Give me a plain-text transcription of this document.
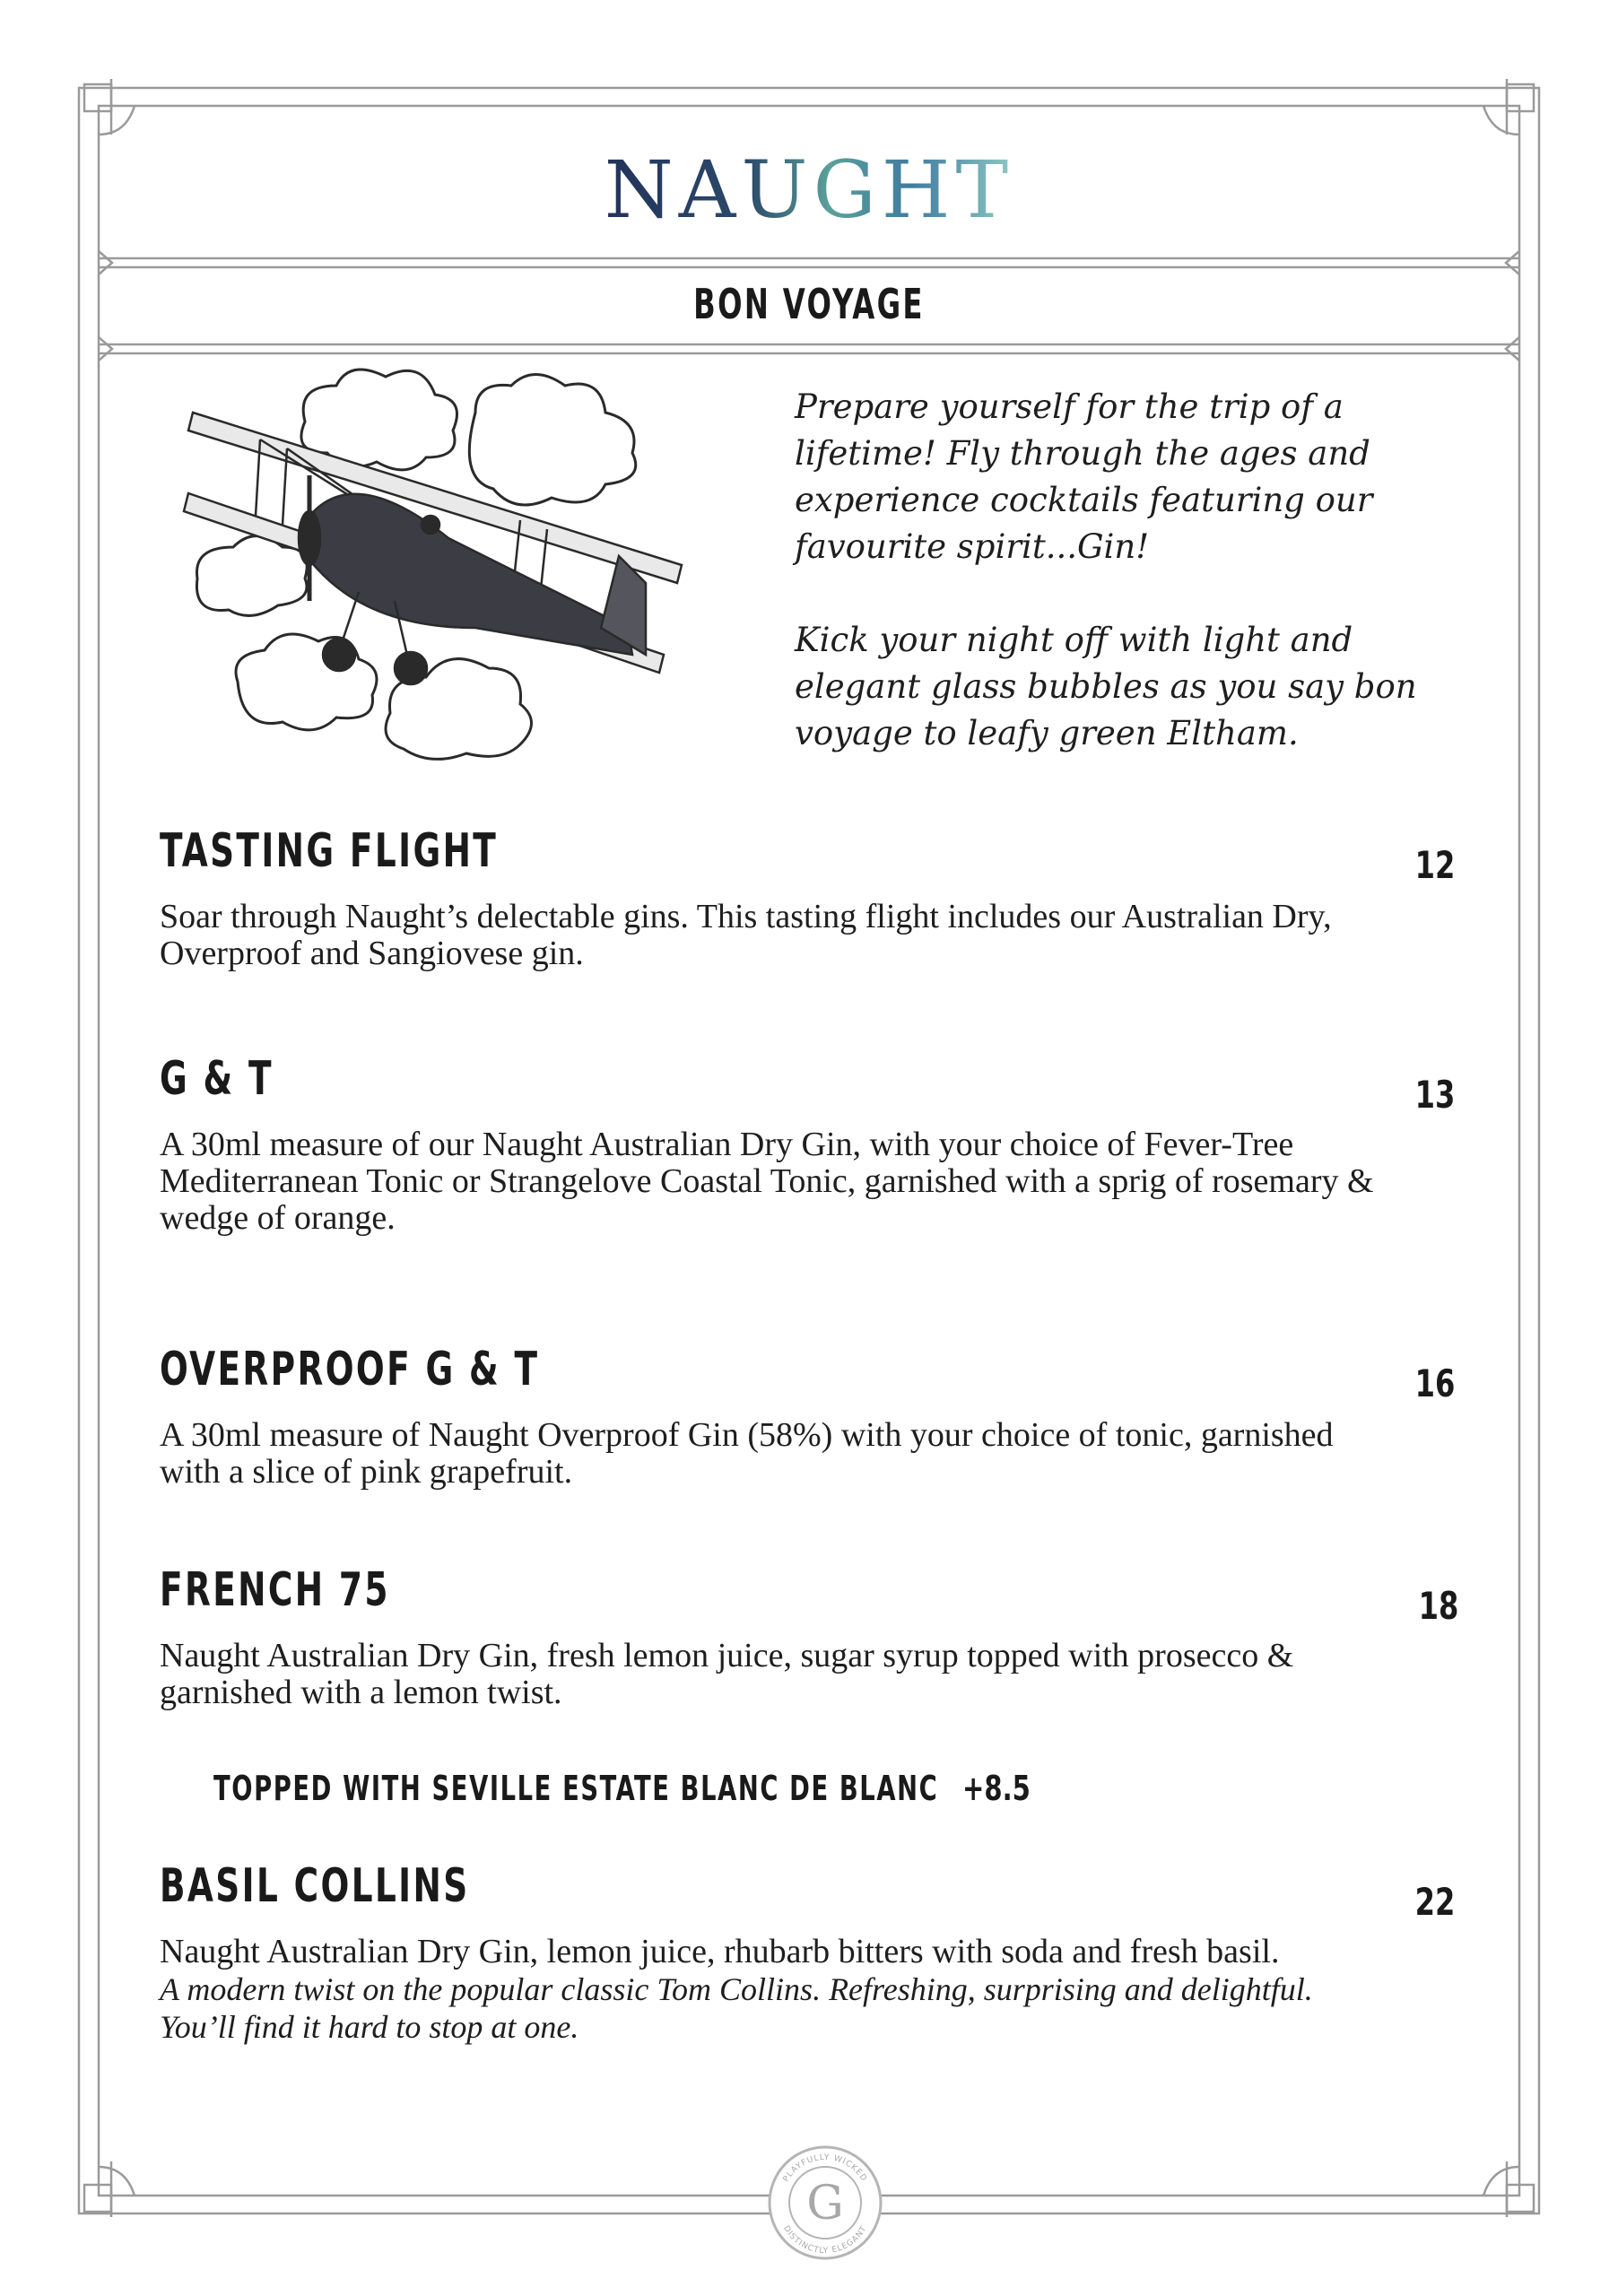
NAUGHT
BON VOYAGE

Prepare yourself for the trip of a lifetime! Fly through the ages and experience cocktails featuring our favourite spirit...Gin!

Kick your night off with light and elegant glass bubbles as you say bon voyage to leafy green Eltham.

TASTING FLIGHT
Soar through Naught’s delectable gins. This tasting flight includes our Australian Dry, Overproof and Sangiovese gin.
12
G & T
A 30ml measure of our Naught Australian Dry Gin, with your choice of Fever-Tree Mediterranean Tonic or Strangelove Coastal Tonic, garnished with a sprig of rosemary & wedge of orange.
13
OVERPROOF G & T
A 30ml measure of Naught Overproof Gin (58%) with your choice of tonic, garnished with a slice of pink grapefruit.
16
FRENCH 75
Naught Australian Dry Gin, fresh lemon juice, sugar syrup topped with prosecco & garnished with a lemon twist.
18
TOPPED WITH SEVILLE ESTATE BLANC DE BLANC +8.5
BASIL COLLINS
Naught Australian Dry Gin, lemon juice, rhubarb bitters with soda and fresh basil.
A modern twist on the popular classic Tom Collins. Refreshing, surprising and delightful. You’ll find it hard to stop at one.
22
G
PLAYFULLY WICKED
DISTINCTLY ELEGANT
